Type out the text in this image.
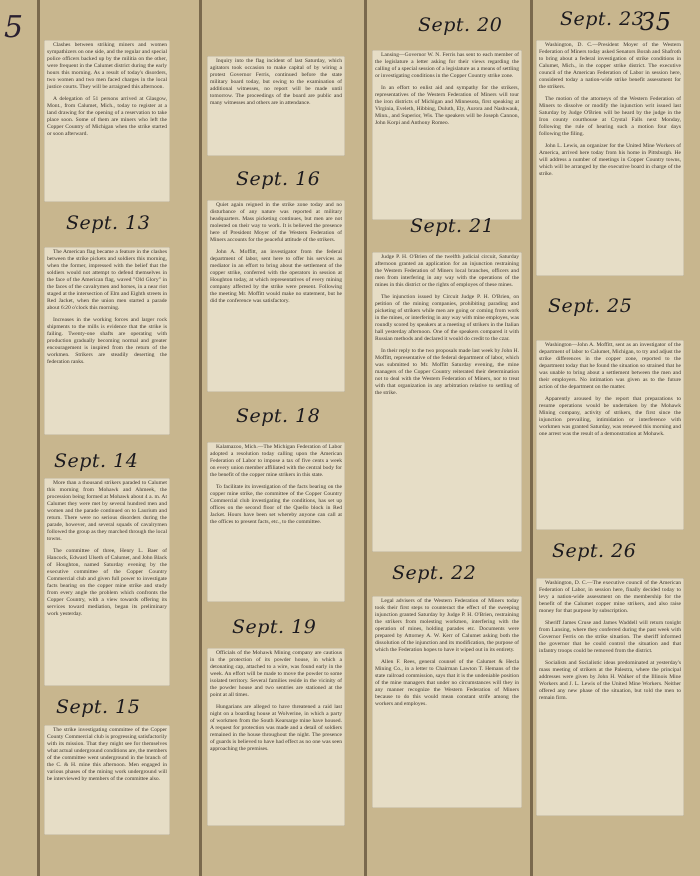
5	35

Clashes between striking miners and women sympathizers on one side, and the regular and special police officers backed up by the militia on the other, were frequent in the Calumet district during the early hours this morning. As a result of today's disorders, two women and two men faced charges in the local justice courts. They will be arraigned this afternoon.

A delegation of 51 persons arrived at Glasgow, Mont., from Calumet, Mich., today to register at a land drawing for the opening of a reservation to take place soon. Some of them are miners who left the Copper Country of Michigan when the strike started or soon afterward.

Sept. 13

The American flag became a feature in the clashes between the strike pickets and soldiers this morning, when the former, impressed with the belief that the soldiers would not attempt to defend themselves in the face of the American flag, waved "Old Glory" in the faces of the cavalrymen and horses, in a near riot staged at the intersection of Elm and Eighth streets in Red Jacket, when the union men started a parade about 6:20 o'clock this morning.

Increases in the working forces and larger rock shipments to the mills is evidence that the strike is failing. Twenty-one shafts are operating with production gradually becoming normal and greater encouragement is inspired from the return of the workmen. Strikers are steadily deserting the federation ranks.

Sept. 14

More than a thousand strikers paraded to Calumet this morning from Mohawk and Ahmeek, the procession being formed at Mohawk about 4 a. m. At Calumet they were met by several hundred men and women and the parade continued on to Laurium and return. There were no serious disorders during the parade, however, and several squads of cavalrymen followed the group as they marched through the local towns.

The committee of three, Henry L. Baer of Hancock, Edward Ulseth of Calumet, and John Black of Houghton, named Saturday evening by the executive committee of the Copper Country Commercial club and given full power to investigate facts bearing on the copper mine strike and study from every angle the problem which confronts the Copper Country, with a view towards offering its services toward mediation, began its preliminary work yesterday.

Sept. 15

The strike investigating committee of the Copper County Commercial club is progressing satisfactorily with its mission. That they might see for themselves what actual underground conditions are, the members of the committee went underground in the branch of the C. & H. mine this afternoon. Men engaged in various phases of the mining work underground will be interviewed by members of the committee also.

Inquiry into the flag incident of last Saturday, which agitators took occasion to make capital of by wiring a protest Governor Ferris, continued before the state military board today, but owing to the examination of additional witnesses, no report will be made until tomorrow. The proceedings of the board are public and many witnesses and others are in attendance.

Sept. 16

Quiet again reigned in the strike zone today and no disturbance of any nature was reported at military headquarters. Mass picketing continues, but men are not molested on their way to work. It is believed the presence here of President Moyer of the Western Federation of Miners accounts for the peaceful attitude of the strikers.

John A. Moffitt, an investigator from the federal department of labor, sent here to offer his services as mediator in an effort to bring about the settlement of the copper strike, conferred with the operators in session at Houghton today, at which representatives of every mining company affected by the strike were present. Following the meeting Mr. Moffitt would make no statement, but he did the conference was satisfactory.

Sept. 18

Kalamazoo, Mich.—The Michigan Federation of Labor adopted a resolution today calling upon the American Federation of Labor to impose a tax of five cents a week on every union member affiliated with the central body for the benefit of the copper mine strikers in this state.

To facilitate its investigation of the facts bearing on the copper mine strike, the committee of the Copper Country Commercial club investigating the conditions, has set up offices on the second floor of the Quello block in Red Jacket. Hours have been set whereby anyone can call at the offices to present facts, etc., to the committee.

Sept. 19

Officials of the Mohawk Mining company are cautious in the protection of its powder house, in which a detonating cap, attached to a wire, was found early in the week. An effort will be made to move the powder to some isolated territory. Several families reside in the vicinity of the powder house and two sentries are stationed at the point at all times.

Hungarians are alleged to have threatened a raid last night on a boarding house at Wolverine, in which a party of workmen from the South Kearsarge mine have housed. A request for protection was made and a detail of soldiers remained in the house throughout the night. The presence of guards is believed to have had effect as no one was seen approaching the premises.

Sept. 20

Lansing—Governor W. N. Ferris has sent to each member of the legislature a letter asking for their views regarding the calling of a special session of a legislature as a means of settling or investigating conditions in the Copper Country strike zone.

In an effort to enlist aid and sympathy for the strikers, representatives of the Western Federation of Miners will tour the iron districts of Michigan and Minnesota, first speaking at Virginia, Eveleth, Hibbing, Duluth, Ely, Aurora and Nashwauk, Minn., and Superior, Wis. The speakers will be Joseph Cannon, John Korpi and Anthony Romeo.

Sept. 21

Judge P. H. O'Brien of the twelfth judicial circuit, Saturday afternoon granted an application for an injunction restraining the Western Federation of Miners local branches, officers and men from interfering in any way with the operations of the mines in this district or the rights of employes of these mines.

The injunction issued by Circuit Judge P. H. O'Brien, on petition of the mining companies, prohibiting parading and picketing of strikers while men are going or coming from work in the mines, or interfering in any way with mine employes, was roundly scored by speakers at a meeting of strikers in the Italian hall yesterday afternoon. One of the speakers compared it with Russian methods and declared it would do credit to the czar.

In their reply to the two proposals made last week by John H. Moffitt, representative of the federal department of labor, which was submitted to Mr. Moffitt Saturday evening, the mine managers of the Copper Country reiterated their determination not to deal with the Western Federation of Miners, nor to treat with that organization in any arbitration relative to settling of the strike.

Sept. 22

Legal advisers of the Western Federation of Miners today took their first steps to counteract the effect of the sweeping injunction granted Saturday by Judge P. H. O'Brien, restraining the strikers from molesting workmen, interfering with the operation of mines, holding parades etc. Documents were prepared by Attorney A. W. Kerr of Calumet asking both the dissolution of the injunction and its modification, the purpose of which the Federation hopes to have it wiped out in its entirety.

Allen F. Rees, general counsel of the Calumet & Hecla Mining Co., in a letter to Chairman Lawton T. Hemans of the state railroad commission, says that it is the undeniable position of the mine managers that under no circumstances will they in any manner recognize the Western Federation of Miners because to do this would mean constant strife among the workers and employes.

Sept. 23

Washington, D. C.—President Moyer of the Western Federation of Miners today asked Senators Borah and Shafroth to bring about a federal investigation of strike conditions in Calumet, Mich., in the copper strike district. The executive council of the American Federation of Labor in session here, considered today a nation-wide strike benefit assessment for the strikers.

The motion of the attorneys of the Western Federation of Miners to dissolve or modify the injunction writ issued last Saturday by Judge O'Brien will be heard by the judge in the Iron county courthouse at Crystal Falls next Monday, following the rule of hearing such a motion four days following the filing.

John L. Lewis, an organizer for the United Mine Workers of America, arrived here today from his home in Pittsburgh. He will address a number of meetings in Copper Country towns, which will be arranged by the executive board in charge of the strike.

Sept. 25

Washington—John A. Moffitt, sent as an investigator of the department of labor to Calumet, Michigan, to try and adjust the strike differences in the copper zone, reported to the department today that he found the situation so strained that he was unable to bring about a settlement between the men and their employers. No intimation was given as to the future action of the department on the matter.

Apparently aroused by the report that preparations to resume operations would be undertaken by the Mohawk Mining company, activity of strikers, the first since the injunction prevailing, intimidation or interference with workmen was granted Saturday, was renewed this morning and one arrest was the result of a demonstration at Mohawk.

Sept. 26

Washington, D. C.—The executive council of the American Federation of Labor, in session here, finally decided today to levy a nation-wide assessment on the membership for the benefit of the Calumet copper mine strikers, and also raise money for that purpose by subscription.

Sheriff James Cruse and James Waddell will return tonight from Lansing, where they conferred during the past week with Governor Ferris on the strike situation. The sheriff informed the governor that he could control the situation and that infantry troops could be removed from the district.

Socialists and Socialistic ideas predominated at yesterday's mass meeting of strikers at the Palestra, where the principal addresses were given by John H. Walker of the Illinois Mine Workers and J. L. Lewis of the United Mine Workers. Neither offered any new phase of the situation, but told the men to remain firm.
